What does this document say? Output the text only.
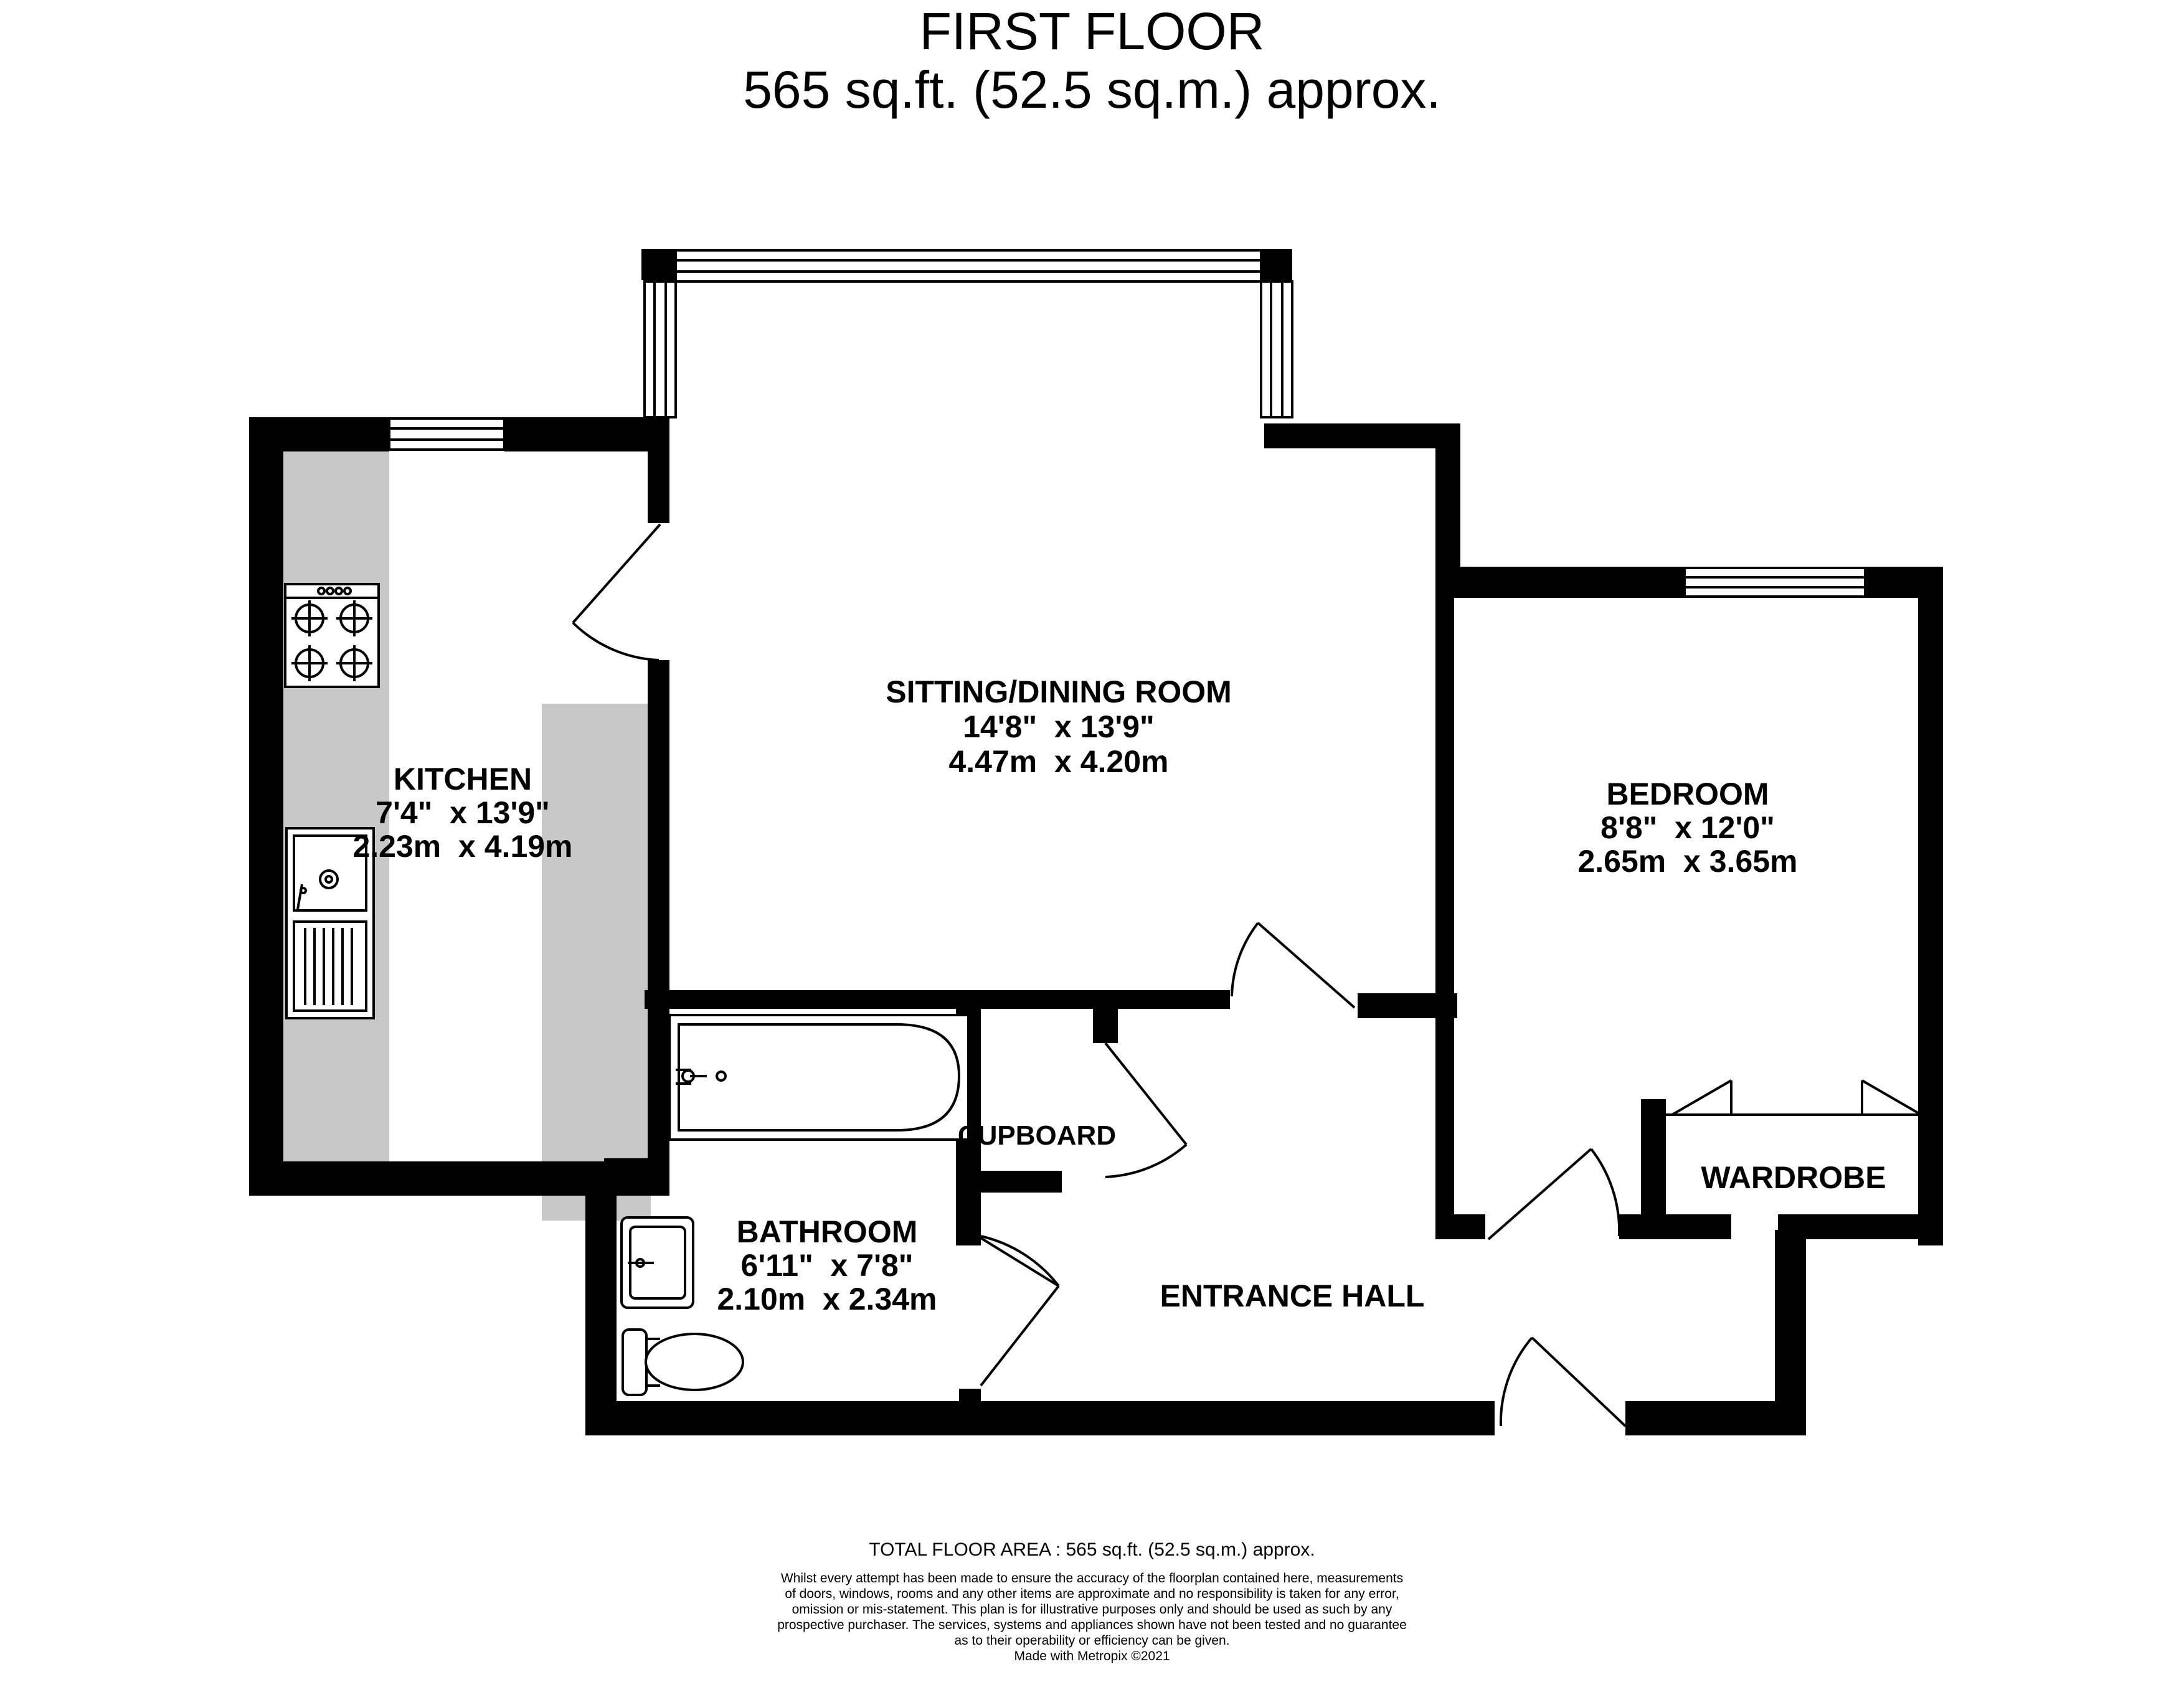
FIRST FLOOR
565 sq.ft. (52.5 sq.m.) approx.
SITTING/DINING ROOM
14'8"  x 13'9"
4.47m  x 4.20m
KITCHEN
7'4"  x 13'9"
2.23m  x 4.19m
BEDROOM
8'8"  x 12'0"
2.65m  x 3.65m
BATHROOM
6'11"  x 7'8"
2.10m  x 2.34m
CUPBOARD
ENTRANCE HALL
WARDROBE
TOTAL FLOOR AREA : 565 sq.ft. (52.5 sq.m.) approx.
Whilst every attempt has been made to ensure the accuracy of the floorplan contained here, measurements
of doors, windows, rooms and any other items are approximate and no responsibility is taken for any error,
omission or mis-statement. This plan is for illustrative purposes only and should be used as such by any
prospective purchaser. The services, systems and appliances shown have not been tested and no guarantee
as to their operability or efficiency can be given.
Made with Metropix ©2021
